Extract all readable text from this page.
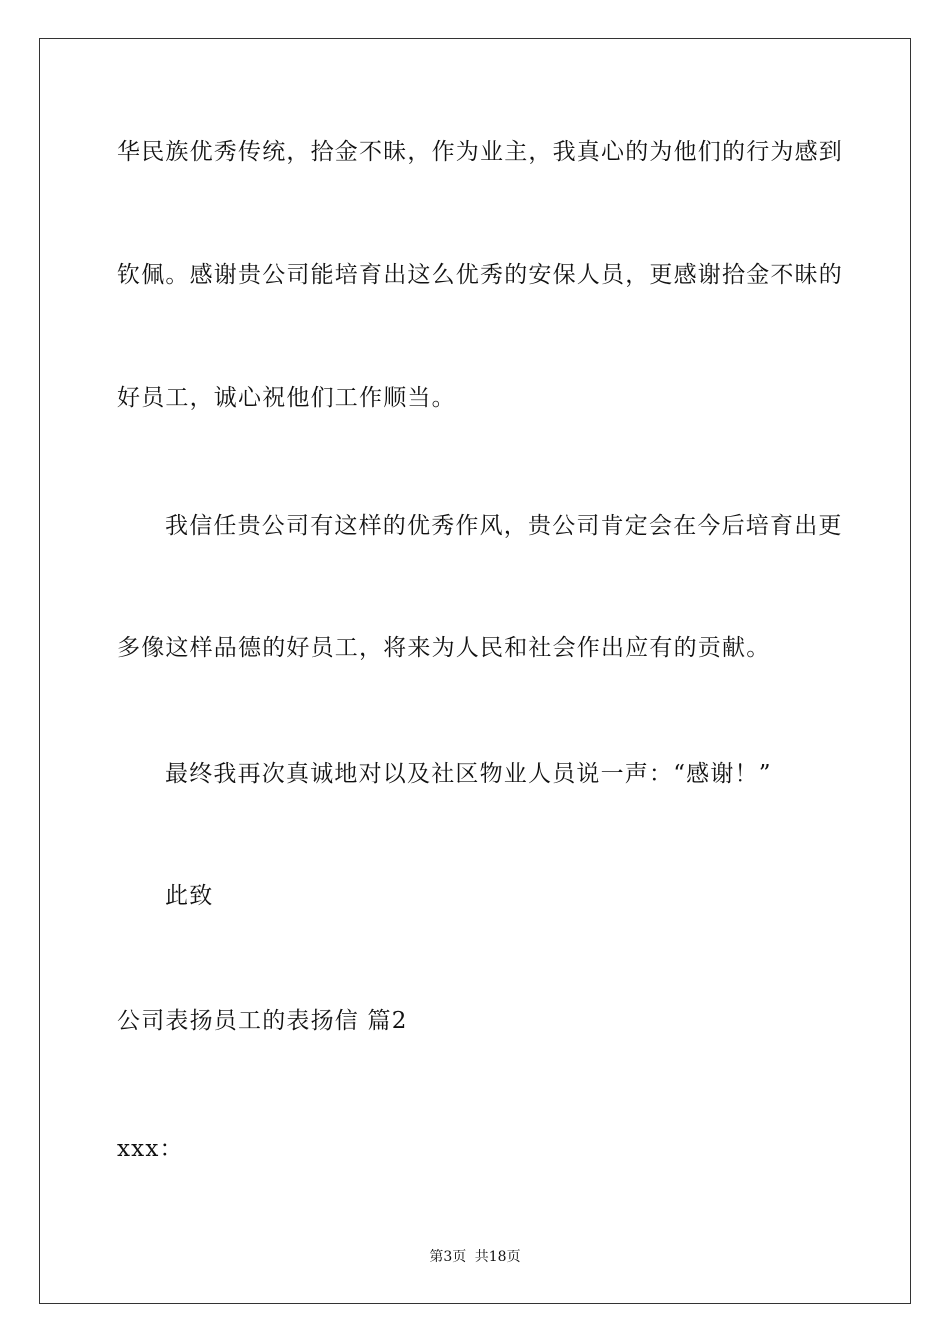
华民族优秀传统，拾金不昧，作为业主，我真心的为他们的行为感到
钦佩。感谢贵公司能培育出这么优秀的安保人员，更感谢拾金不昧的
好员工，诚心祝他们工作顺当。
我信任贵公司有这样的优秀作风，贵公司肯定会在今后培育出更
多像这样品德的好员工，将来为人民和社会作出应有的贡献。
最终我再次真诚地对以及社区物业人员说一声：“感谢！”
此致
公司表扬员工的表扬信 篇2
xxx：
第3页 共18页
